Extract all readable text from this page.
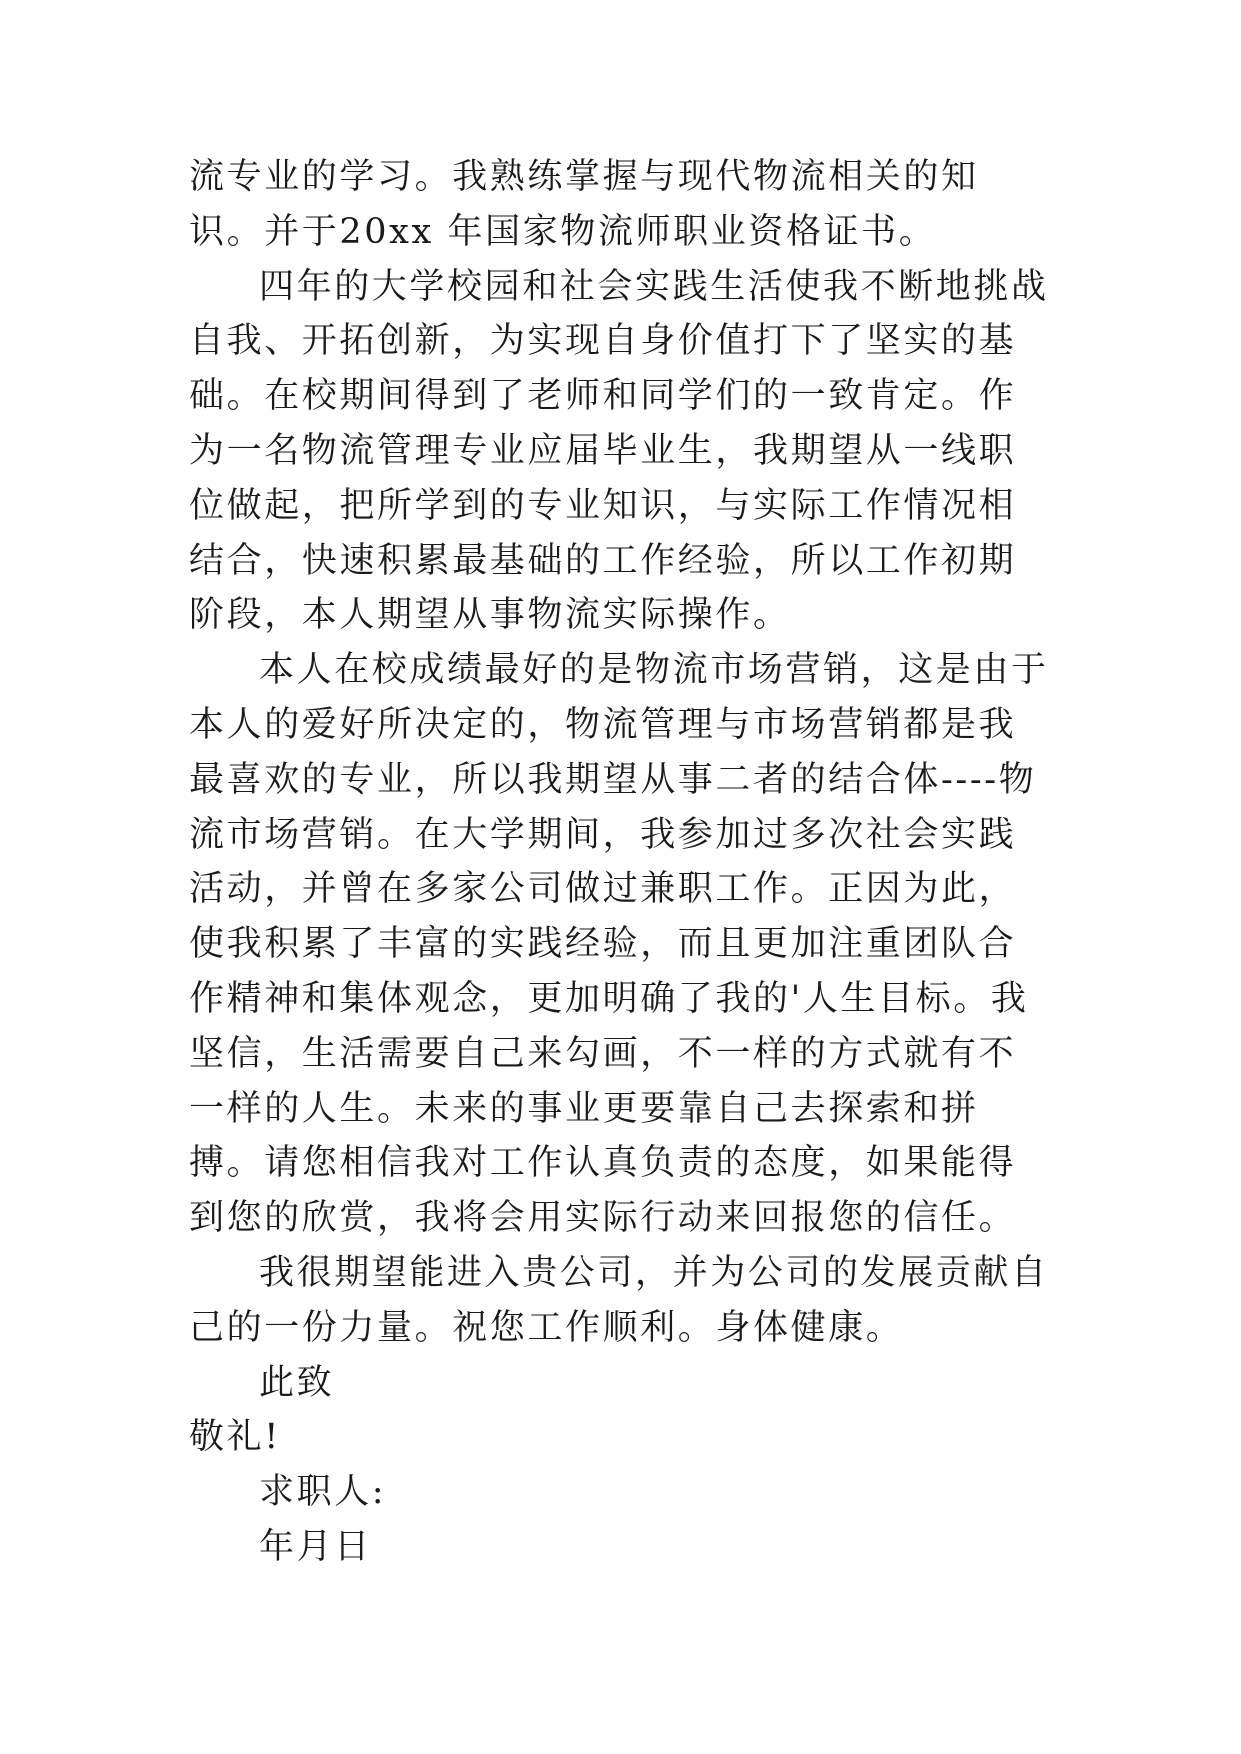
流专业的学习。我熟练掌握与现代物流相关的知识。并于20xx 年国家物流师职业资格证书。

四年的大学校园和社会实践生活使我不断地挑战自我、开拓创新，为实现自身价值打下了坚实的基础。在校期间得到了老师和同学们的一致肯定。作为一名物流管理专业应届毕业生，我期望从一线职位做起，把所学到的专业知识，与实际工作情况相结合，快速积累最基础的工作经验，所以工作初期阶段，本人期望从事物流实际操作。

本人在校成绩最好的是物流市场营销，这是由于本人的爱好所决定的，物流管理与市场营销都是我最喜欢的专业，所以我期望从事二者的结合体----物流市场营销。在大学期间，我参加过多次社会实践活动，并曾在多家公司做过兼职工作。正因为此，使我积累了丰富的实践经验，而且更加注重团队合作精神和集体观念，更加明确了我的'人生目标。我坚信，生活需要自己来勾画，不一样的方式就有不一样的人生。未来的事业更要靠自己去探索和拼搏。请您相信我对工作认真负责的态度，如果能得到您的欣赏，我将会用实际行动来回报您的信任。

我很期望能进入贵公司，并为公司的发展贡献自己的一份力量。祝您工作顺利。身体健康。

此致

敬礼!

求职人:

年月日
